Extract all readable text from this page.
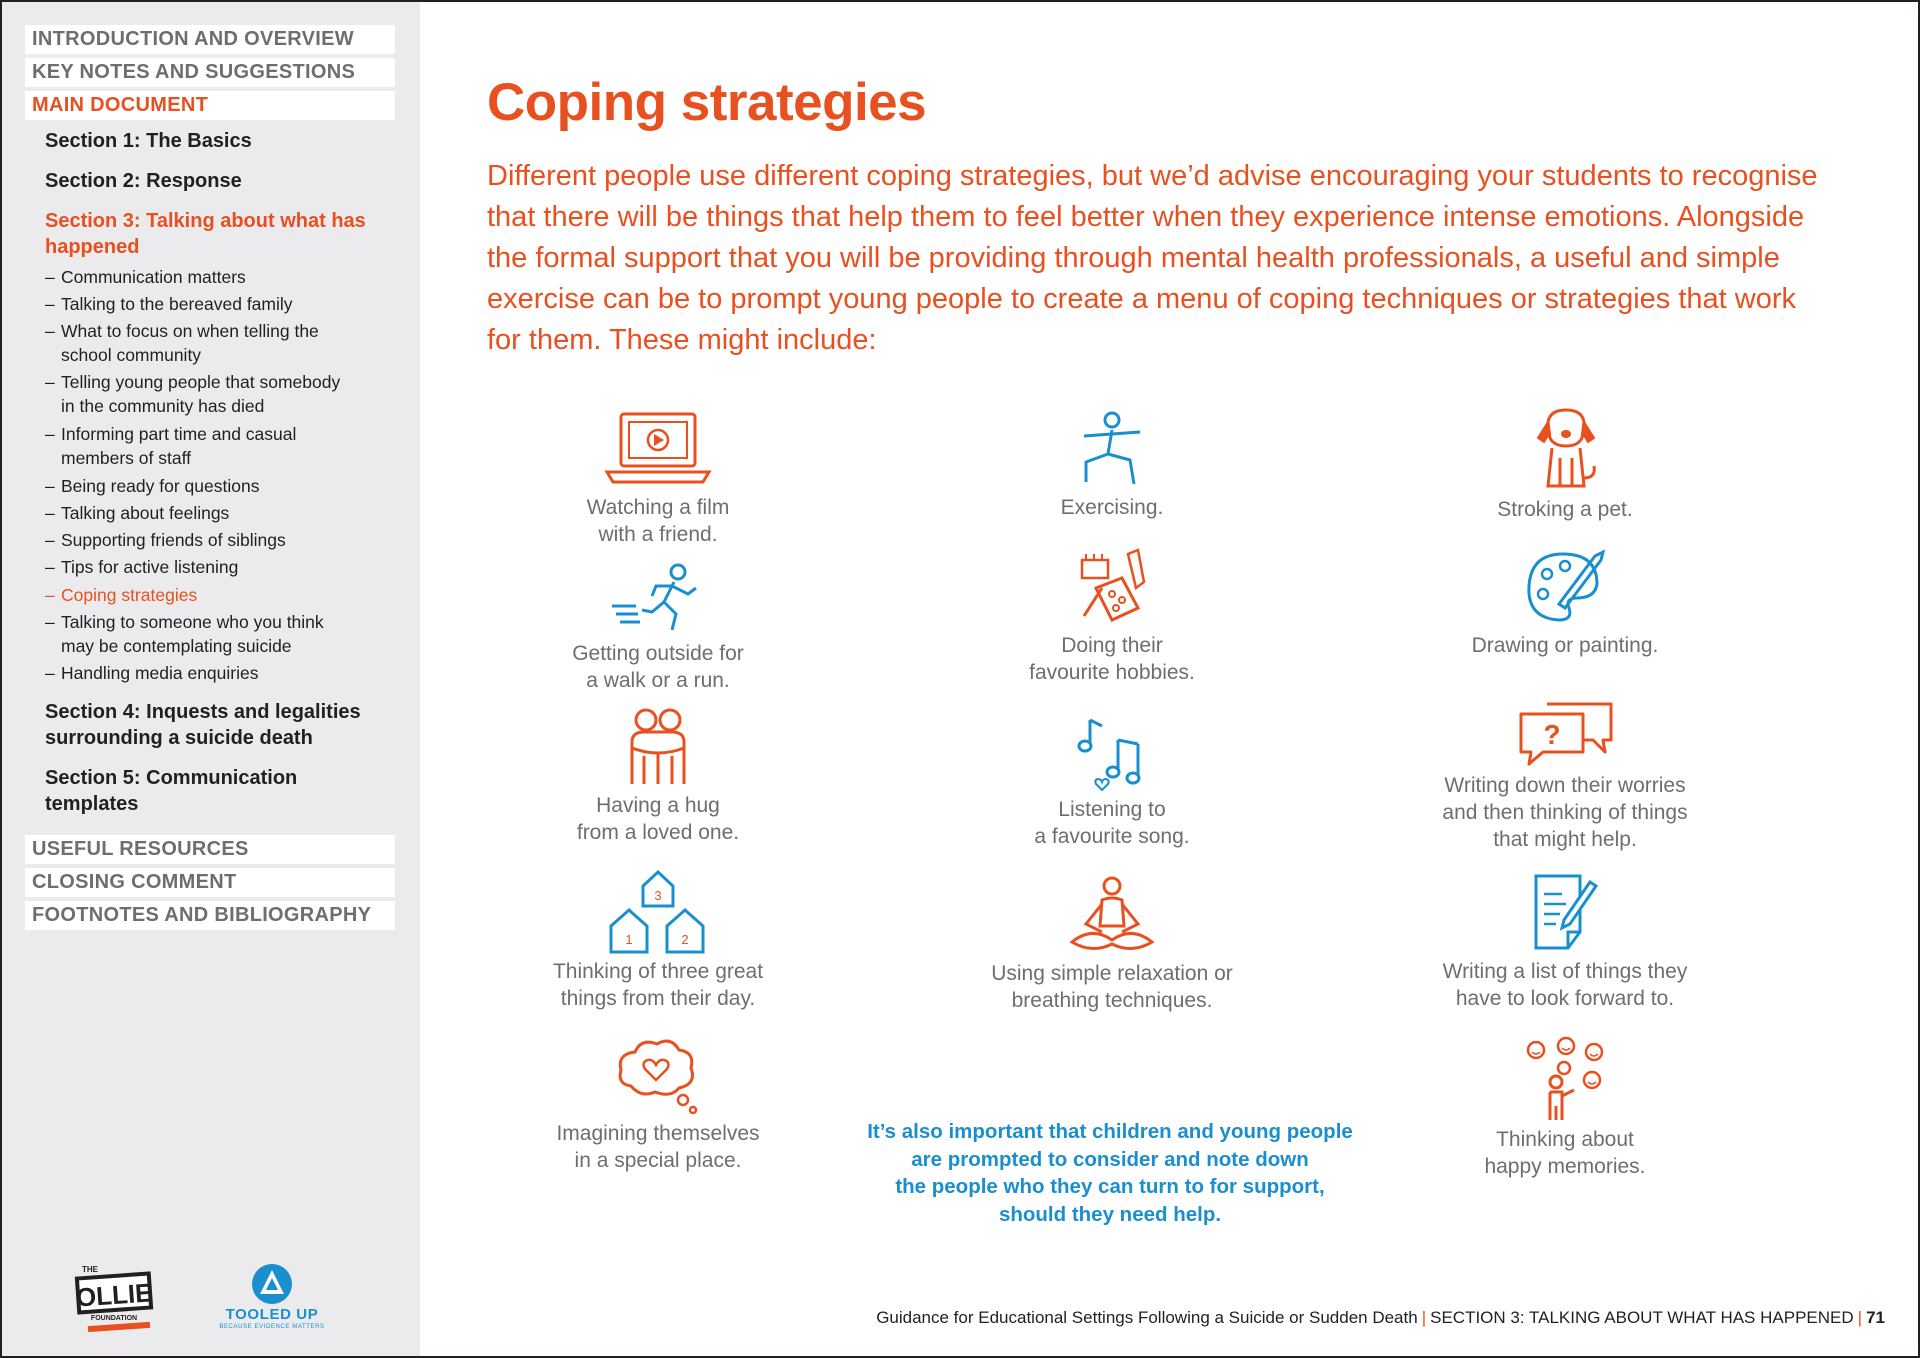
INTRODUCTION AND OVERVIEW
KEY NOTES AND SUGGESTIONS
MAIN DOCUMENT
Section 1: The Basics
Section 2: Response
Section 3: Talking about what has
happened
– Communication matters
– Talking to the bereaved family
– What to focus on when telling the
school community
– Telling young people that somebody
in the community has died
– Informing part time and casual
members of staff
– Being ready for questions
– Talking about feelings
– Supporting friends of siblings
– Tips for active listening
– Coping strategies
– Talking to someone who you think
may be contemplating suicide
– Handling media enquiries
Section 4: Inquests and legalities
surrounding a suicide death
Section 5: Communication
templates
USEFUL RESOURCES
CLOSING COMMENT
FOOTNOTES AND BIBLIOGRAPHY
OLLIE
THE
FOUNDATION	TOOLED UP
BECAUSE EVIDENCE MATTERS
Coping strategies

Different people use different coping strategies, but we’d advise encouraging your students to recognise that there will be things that help them to feel better when they experience intense emotions. Alongside the formal support that you will be providing through mental health professionals, a useful and simple exercise can be to prompt young people to create a menu of coping techniques or strategies that work for them. These might include:

Watching a film
with a friend.
Getting outside for
a walk or a run.
Having a hug
from a loved one.
3
1	2
Thinking of three great
things from their day.
Imagining themselves
in a special place.
Exercising.
Doing their
favourite hobbies.
Listening to
a favourite song.
Using simple relaxation or
breathing techniques.
Stroking a pet.
Drawing or painting.
?
Writing down their worries
and then thinking of things
that might help.
Writing a list of things they
have to look forward to.
Thinking about
happy memories.
It’s also important that children and young people
are prompted to consider and note down
the people who they can turn to for support,
should they need help.
Guidance for Educational Settings Following a Suicide or Sudden Death | SECTION 3: TALKING ABOUT WHAT HAS HAPPENED | 71
